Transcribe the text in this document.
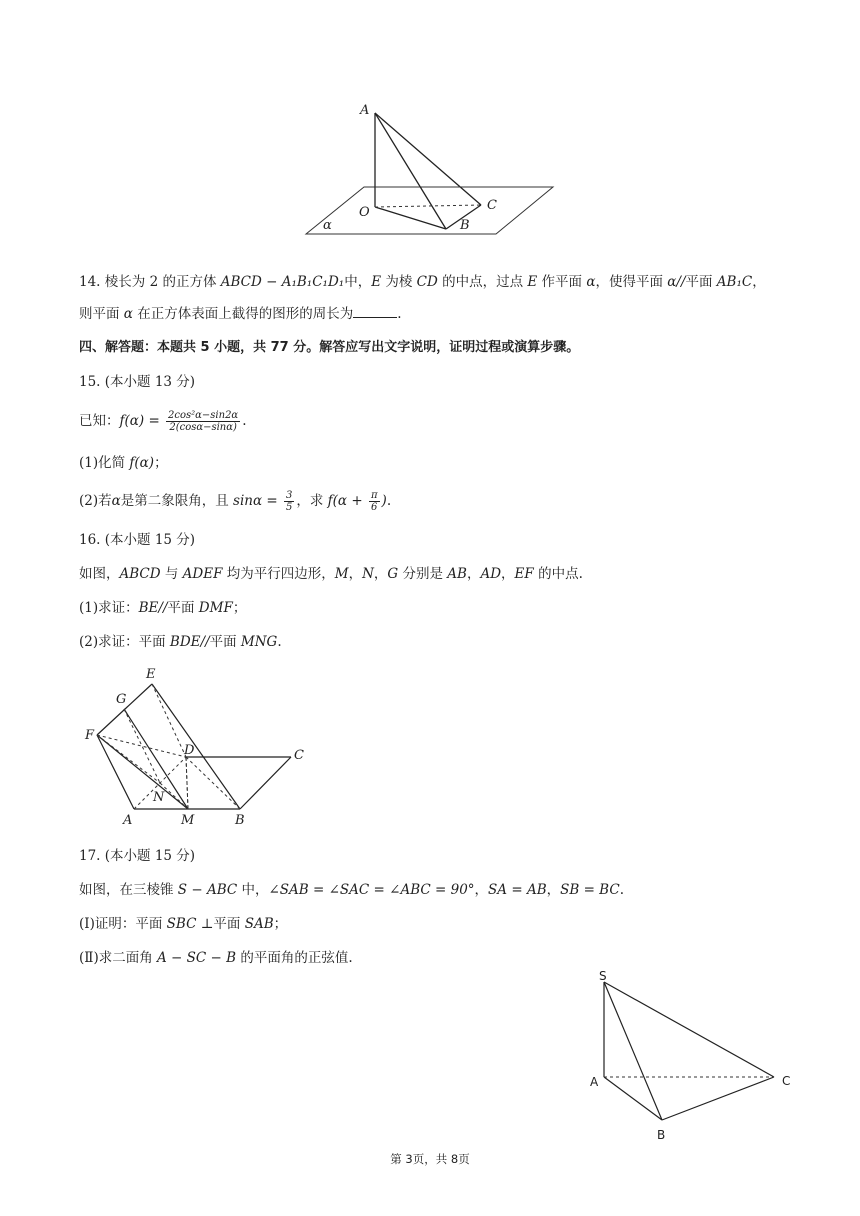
A
O	C
B
α
14. 棱长为 2 的正方体 ABCD − A₁B₁C₁D₁中，E 为棱 CD 的中点，过点 E 作平面 α，使得平面 α//平面 AB₁C，
则平面 α 在正方体表面上截得的图形的周长为	.
四、解答题：本题共 5 小题，共 77 分。解答应写出文字说明，证明过程或演算步骤。
15. (本小题 13 分)
已知：$f(\alpha) = \frac{\text{2cos²α−sin2α}}{2(\cos\alpha-\sin\alpha)}$ .
(1)化简 f(α)；
(2)若α是第二象限角，且 $\sin\alpha = \frac{3}{5}$ ，求 $f(\alpha + \frac{\pi}{6}$ ).
16. (本小题 15 分)
如图，ABCD 与 ADEF 均为平行四边形，M，N，G 分别是 AB，AD，EF 的中点.
(1)求证：BE//平面 DMF；
(2)求证：平面 BDE//平面 MNG.
E
G
F
D	C
N
A	M	B
17. (本小题 15 分)
如图，在三棱锥 S − ABC 中，∠SAB = ∠SAC = ∠ABC = 90°，SA = AB，SB = BC.
(Ⅰ)证明：平面 SBC ⊥平面 SAB；
(Ⅱ)求二面角 A − SC − B 的平面角的正弦值.
S
A	C
B
第 3页，共 8页
